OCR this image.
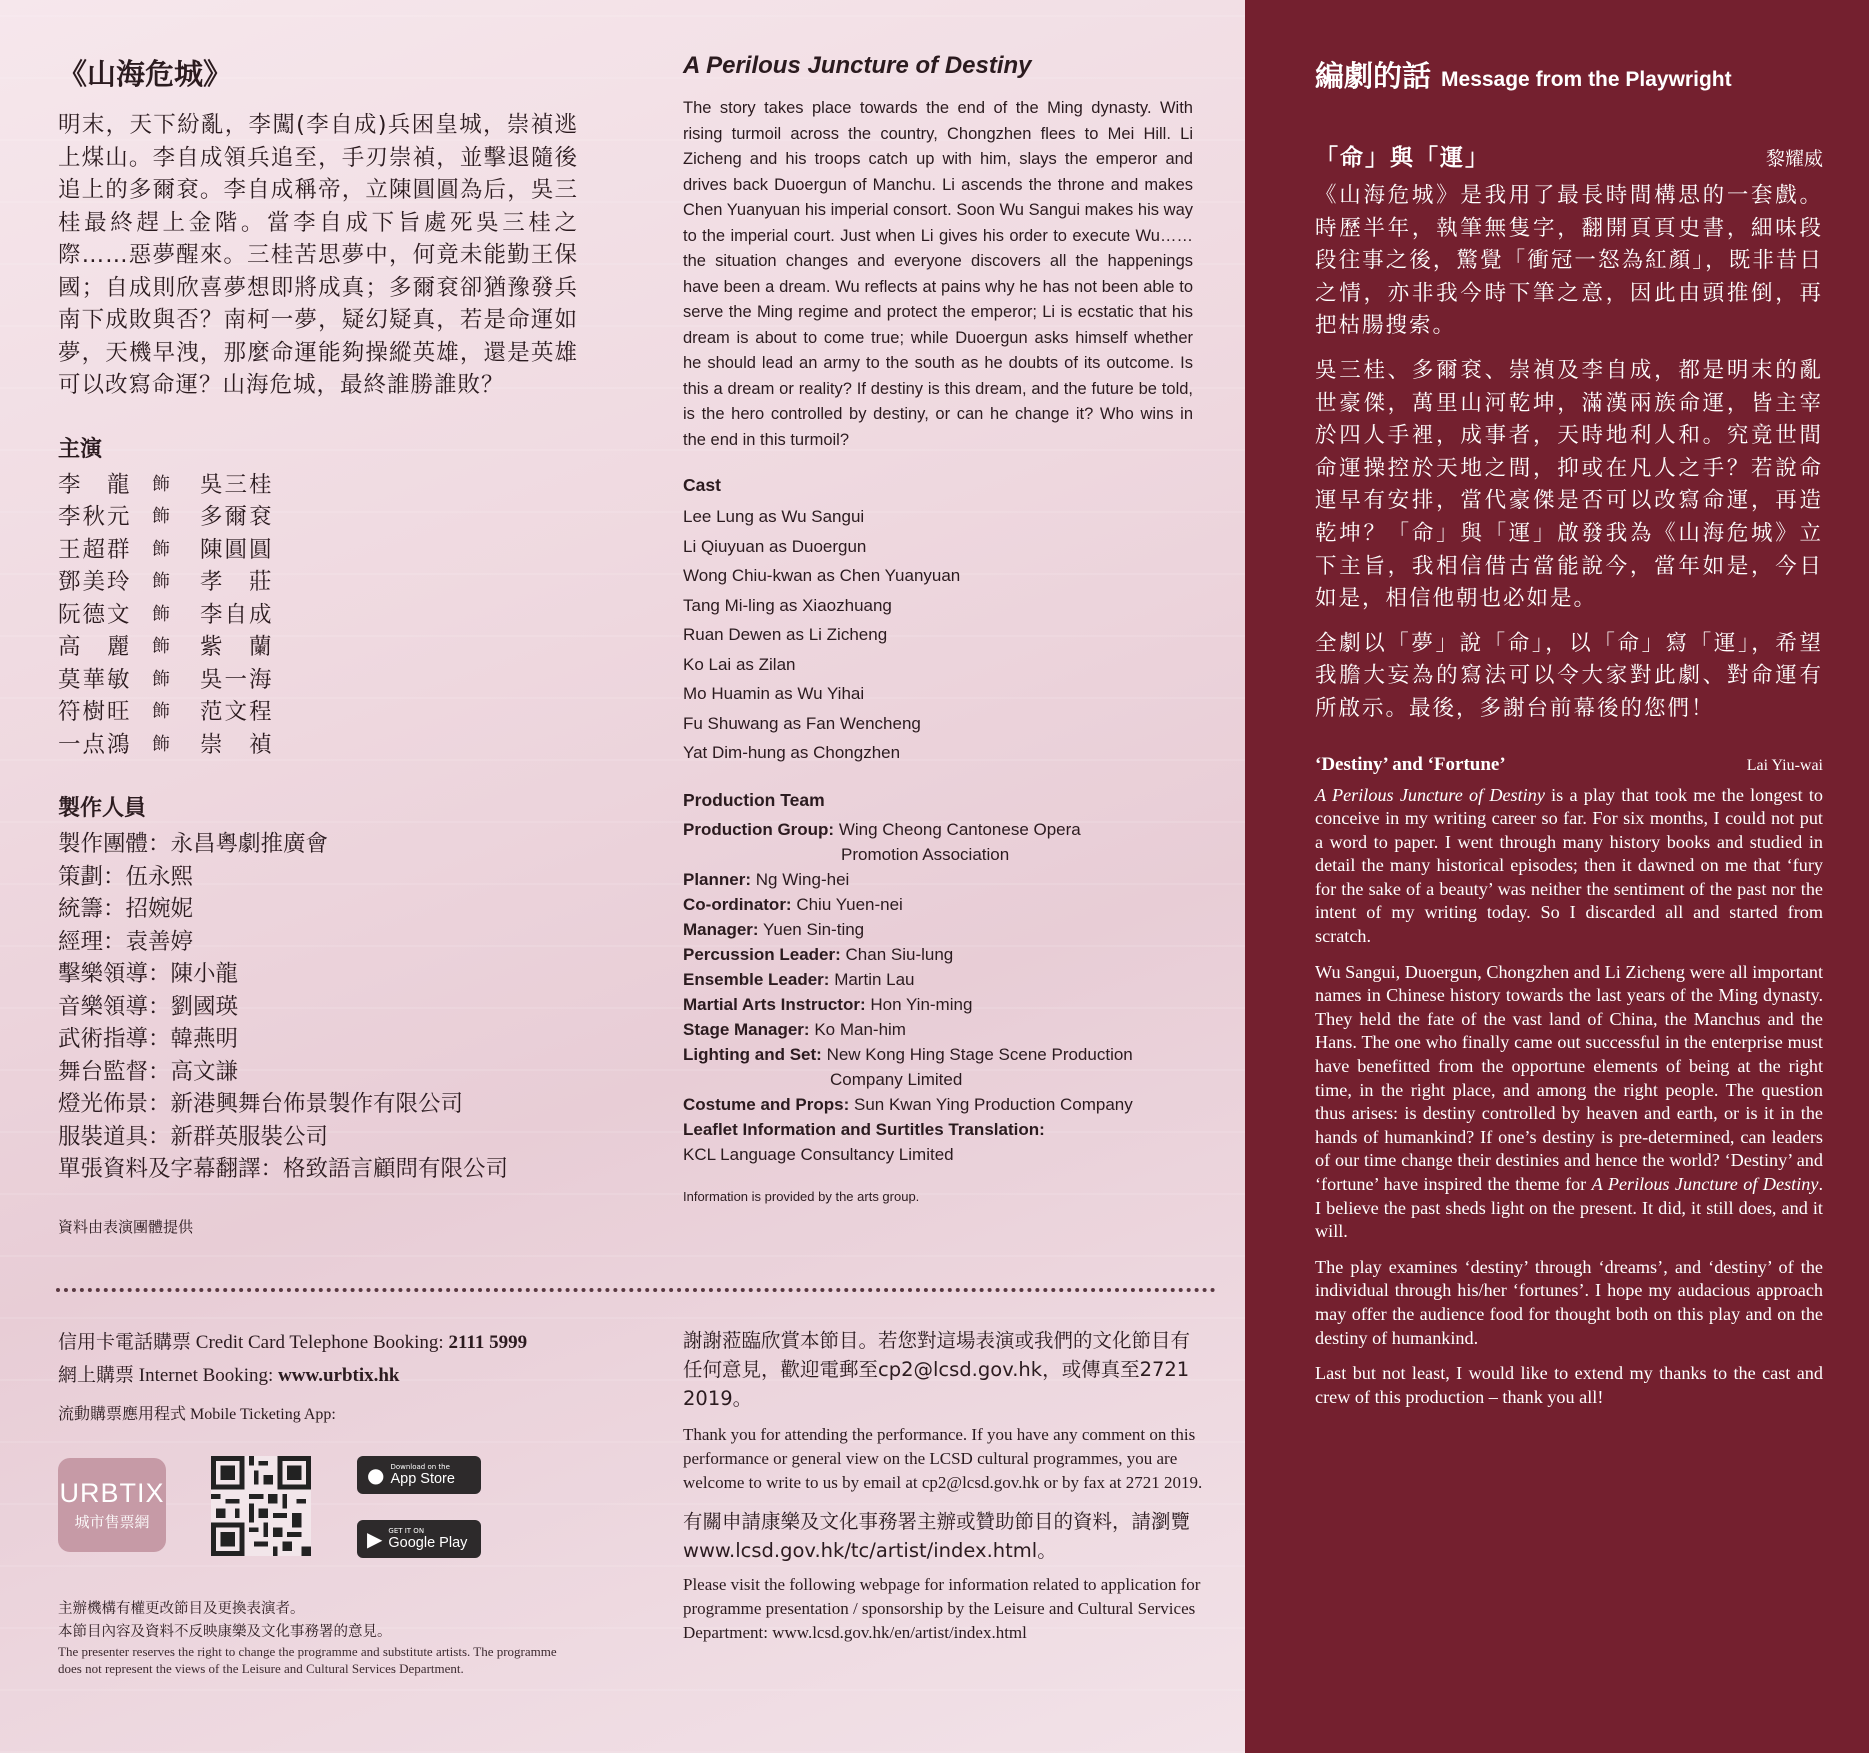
《山海危城》

明末，天下紛亂，李闖(李自成)兵困皇城，崇禎逃上煤山。李自成領兵追至，手刃崇禎，並擊退隨後追上的多爾袞。李自成稱帝，立陳圓圓為后，吳三桂最終趕上金階。當李自成下旨處死吳三桂之際……惡夢醒來。三桂苦思夢中，何竟未能勤王保國；自成則欣喜夢想即將成真；多爾袞卻猶豫發兵南下成敗與否？南柯一夢，疑幻疑真，若是命運如夢，天機早洩，那麼命運能夠操縱英雄，還是英雄可以改寫命運？山海危城，最終誰勝誰敗？

主演
李　龍	飾	吳三桂
李秋元	飾	多爾袞
王超群	飾	陳圓圓
鄧美玲	飾	孝　莊
阮德文	飾	李自成
高　麗	飾	紫　蘭
莫華敏	飾	吳一海
符樹旺	飾	范文程
一点鴻	飾	崇　禎
製作人員
製作團體：永昌粵劇推廣會
策劃：伍永熙
統籌：招婉妮
經理：袁善婷
擊樂領導：陳小龍
音樂領導：劉國瑛
武術指導：韓燕明
舞台監督：高文謙
燈光佈景：新港興舞台佈景製作有限公司
服裝道具：新群英服裝公司
單張資料及字幕翻譯：格致語言顧問有限公司
資料由表演團體提供
A Perilous Juncture of Destiny

The story takes place towards the end of the Ming dynasty. With rising turmoil across the country, Chongzhen flees to Mei Hill. Li Zicheng and his troops catch up with him, slays the emperor and drives back Duoergun of Manchu. Li ascends the throne and makes Chen Yuanyuan his imperial consort. Soon Wu Sangui makes his way to the imperial court. Just when Li gives his order to execute Wu…… the situation changes and everyone discovers all the happenings have been a dream. Wu reflects at pains why he has not been able to serve the Ming regime and protect the emperor; Li is ecstatic that his dream is about to come true; while Duoergun asks himself whether he should lead an army to the south as he doubts of its outcome. Is this a dream or reality? If destiny is this dream, and the future be told, is the hero controlled by destiny, or can he change it? Who wins in the end in this turmoil?

Cast
Lee Lung as Wu Sangui
Li Qiuyuan as Duoergun
Wong Chiu-kwan as Chen Yuanyuan
Tang Mi-ling as Xiaozhuang
Ruan Dewen as Li Zicheng
Ko Lai as Zilan
Mo Huamin as Wu Yihai
Fu Shuwang as Fan Wencheng
Yat Dim-hung as Chongzhen
Production Team
Production Group: Wing Cheong Cantonese Opera
Promotion Association
Planner: Ng Wing-hei
Co-ordinator: Chiu Yuen-nei
Manager: Yuen Sin-ting
Percussion Leader: Chan Siu-lung
Ensemble Leader: Martin Lau
Martial Arts Instructor: Hon Yin-ming
Stage Manager: Ko Man-him
Lighting and Set: New Kong Hing Stage Scene Production
Company Limited
Costume and Props: Sun Kwan Ying Production Company
Leaflet Information and Surtitles Translation:
KCL Language Consultancy Limited
Information is provided by the arts group.
信用卡電話購票 Credit Card Telephone Booking: 2111 5999
網上購票 Internet Booking: www.urbtix.hk
流動購票應用程式 Mobile Ticketing App:
URBTIX
城市售票網
● Download on the
App Store
▶ GET IT ON
Google Play
主辦機構有權更改節目及更換表演者。
本節目內容及資料不反映康樂及文化事務署的意見。
The presenter reserves the right to change the programme and substitute artists. The programme does not represent the views of the Leisure and Cultural Services Department.
謝謝蒞臨欣賞本節目。若您對這場表演或我們的文化節目有任何意見，歡迎電郵至cp2@lcsd.gov.hk，或傳真至2721 2019。
Thank you for attending the performance. If you have any comment on this performance or general view on the LCSD cultural programmes, you are welcome to write to us by email at cp2@lcsd.gov.hk or by fax at 2721 2019.
有關申請康樂及文化事務署主辦或贊助節目的資料，請瀏覽 www.lcsd.gov.hk/tc/artist/index.html。
Please visit the following webpage for information related to application for programme presentation / sponsorship by the Leisure and Cultural Services Department: www.lcsd.gov.hk/en/artist/index.html
編劇的話 Message from the Playwright
「命」與「運」	黎耀威

《山海危城》是我用了最長時間構思的一套戲。時歷半年，執筆無隻字，翻開頁頁史書，細味段段往事之後，驚覺「衝冠一怒為紅顏」，既非昔日之情，亦非我今時下筆之意，因此由頭推倒，再把枯腸搜索。

吳三桂、多爾袞、崇禎及李自成，都是明末的亂世豪傑，萬里山河乾坤，滿漢兩族命運，皆主宰於四人手裡，成事者，天時地利人和。究竟世間命運操控於天地之間，抑或在凡人之手？若說命運早有安排，當代豪傑是否可以改寫命運，再造乾坤？「命」與「運」啟發我為《山海危城》立下主旨，我相信借古當能說今，當年如是，今日如是，相信他朝也必如是。

全劇以「夢」說「命」，以「命」寫「運」，希望我膽大妄為的寫法可以令大家對此劇、對命運有所啟示。最後，多謝台前幕後的您們！

‘Destiny’ and ‘Fortune’	Lai Yiu-wai

A Perilous Juncture of Destiny is a play that took me the longest to conceive in my writing career so far. For six months, I could not put a word to paper. I went through many history books and studied in detail the many historical episodes; then it dawned on me that ‘fury for the sake of a beauty’ was neither the sentiment of the past nor the intent of my writing today. So I discarded all and started from scratch.

Wu Sangui, Duoergun, Chongzhen and Li Zicheng were all important names in Chinese history towards the last years of the Ming dynasty. They held the fate of the vast land of China, the Manchus and the Hans. The one who finally came out successful in the enterprise must have benefitted from the opportune elements of being at the right time, in the right place, and among the right people. The question thus arises: is destiny controlled by heaven and earth, or is it in the hands of humankind? If one’s destiny is pre-determined, can leaders of our time change their destinies and hence the world? ‘Destiny’ and ‘fortune’ have inspired the theme for A Perilous Juncture of Destiny. I believe the past sheds light on the present. It did, it still does, and it will.

The play examines ‘destiny’ through ‘dreams’, and ‘destiny’ of the individual through his/her ‘fortunes’. I hope my audacious approach may offer the audience food for thought both on this play and on the destiny of humankind.

Last but not least, I would like to extend my thanks to the cast and crew of this production – thank you all!
